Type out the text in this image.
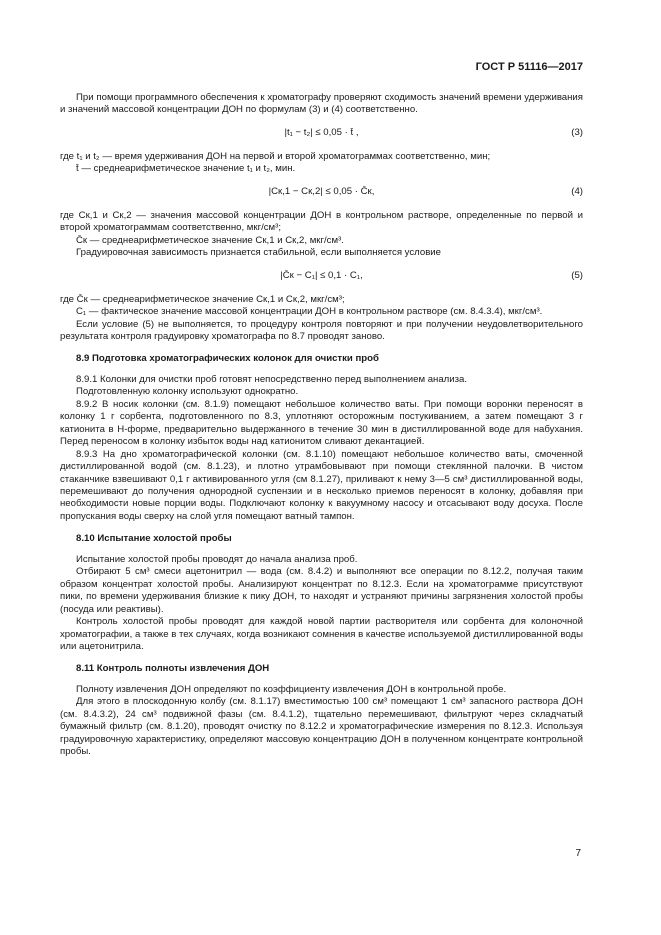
ГОСТ Р 51116—2017

При помощи программного обеспечения к хроматографу проверяют сходимость значений времени удерживания и значений массовой концентрации ДОН по формулам (3) и (4) соответственно.

|t₁ − t₂| ≤ 0,05 · t̄ ,	(3)

где t₁ и t₂ — время удерживания ДОН на первой и второй хроматограммах соответственно, мин;

t̄ — среднеарифметическое значение t₁ и t₂, мин.

|Cк,1 − Cк,2| ≤ 0,05 · C̄к,	(4)

где Cк,1 и Cк,2 — значения массовой концентрации ДОН в контрольном растворе, определенные по первой и второй хроматограммам соответственно, мкг/см³;

C̄к — среднеарифметическое значение Cк,1 и Cк,2, мкг/см³.

Градуировочная зависимость признается стабильной, если выполняется условие

|C̄к − C₁| ≤ 0,1 · C₁,	(5)

где C̄к — среднеарифметическое значение Cк,1 и Cк,2, мкг/см³;

C₁ — фактическое значение массовой концентрации ДОН в контрольном растворе (см. 8.4.3.4), мкг/см³.

Если условие (5) не выполняется, то процедуру контроля повторяют и при получении неудовлетворительного результата контроля градуировку хроматографа по 8.7 проводят заново.

8.9 Подготовка хроматографических колонок для очистки проб

8.9.1 Колонки для очистки проб готовят непосредственно перед выполнением анализа.

Подготовленную колонку используют однократно.

8.9.2 В носик колонки (см. 8.1.9) помещают небольшое количество ваты. При помощи воронки переносят в колонку 1 г сорбента, подготовленного по 8.3, уплотняют осторожным постукиванием, а затем помещают 3 г катионита в Н-форме, предварительно выдержанного в течение 30 мин в дистиллированной воде для набухания. Перед переносом в колонку избыток воды над катионитом сливают декантацией.

8.9.3 На дно хроматографической колонки (см. 8.1.10) помещают небольшое количество ваты, смоченной дистиллированной водой (см. 8.1.23), и плотно утрамбовывают при помощи стеклянной палочки. В чистом стаканчике взвешивают 0,1 г активированного угля (см 8.1.27), приливают к нему 3—5 см³ дистиллированной воды, перемешивают до получения однородной суспензии и в несколько приемов переносят в колонку, добавляя при необходимости новые порции воды. Подключают колонку к вакуумному насосу и отсасывают воду досуха. После пропускания воды сверху на слой угля помещают ватный тампон.

8.10 Испытание холостой пробы

Испытание холостой пробы проводят до начала анализа проб.

Отбирают 5 см³ смеси ацетонитрил — вода (см. 8.4.2) и выполняют все операции по 8.12.2, получая таким образом концентрат холостой пробы. Анализируют концентрат по 8.12.3. Если на хроматограмме присутствуют пики, по времени удерживания близкие к пику ДОН, то находят и устраняют причины загрязнения холостой пробы (посуда или реактивы).

Контроль холостой пробы проводят для каждой новой партии растворителя или сорбента для колоночной хроматографии, а также в тех случаях, когда возникают сомнения в качестве используемой дистиллированной воды или ацетонитрила.

8.11 Контроль полноты извлечения ДОН

Полноту извлечения ДОН определяют по коэффициенту извлечения ДОН в контрольной пробе.

Для этого в плоскодонную колбу (см. 8.1.17) вместимостью 100 см³ помещают 1 см³ запасного раствора ДОН (см. 8.4.3.2), 24 см³ подвижной фазы (см. 8.4.1.2), тщательно перемешивают, фильтруют через складчатый бумажный фильтр (см. 8.1.20), проводят очистку по 8.12.2 и хроматографические измерения по 8.12.3. Используя градуировочную характеристику, определяют массовую концентрацию ДОН в полученном концентрате контрольной пробы.

7
